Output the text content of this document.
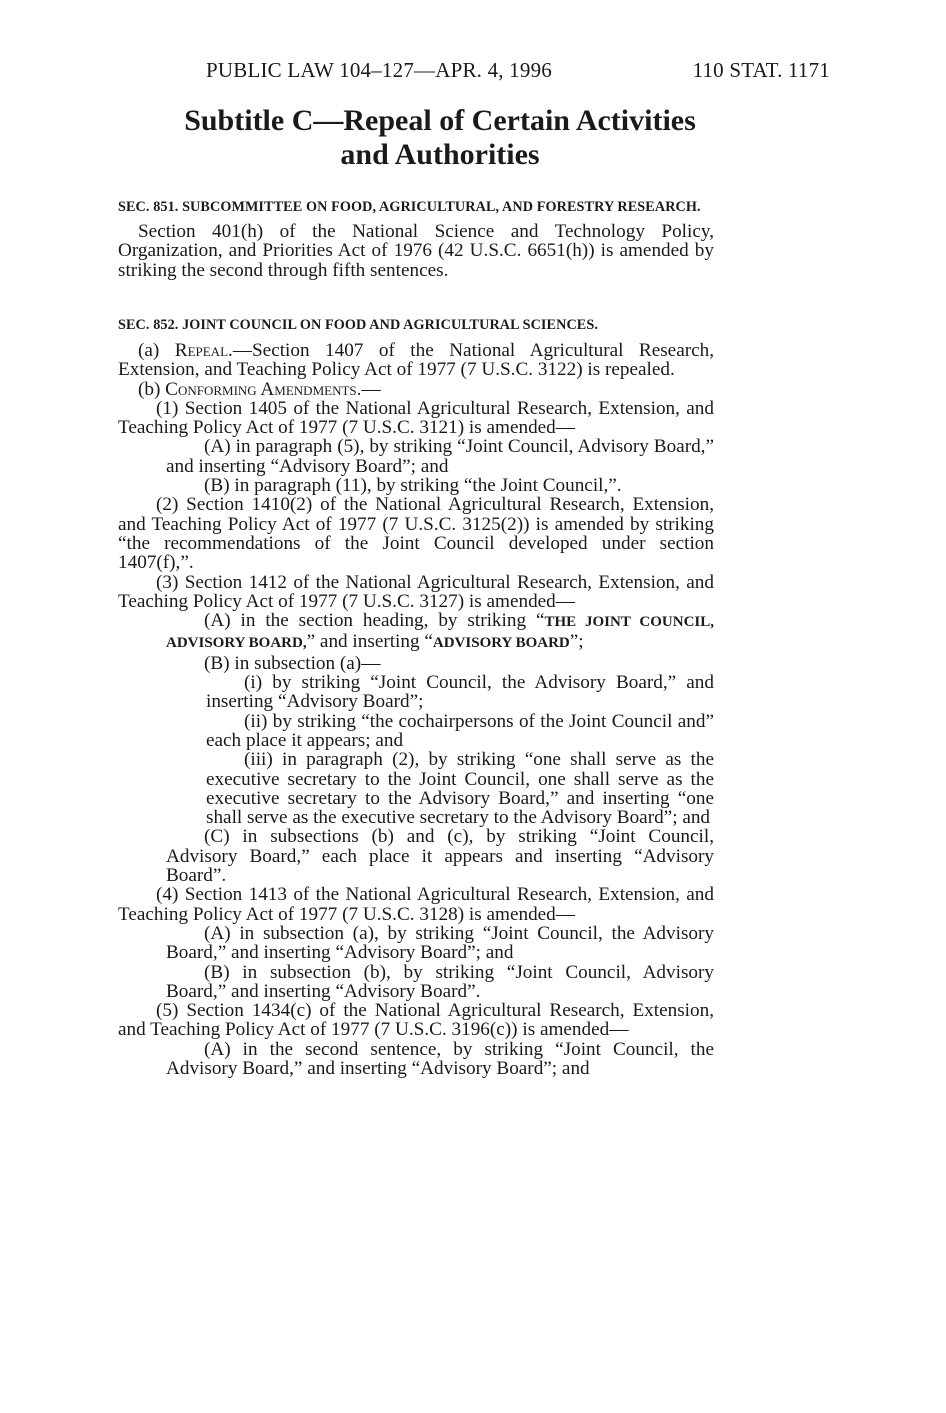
PUBLIC LAW 104–127—APR. 4, 1996	110 STAT. 1171
Subtitle C—Repeal of Certain Activities
and Authorities
SEC. 851. SUBCOMMITTEE ON FOOD, AGRICULTURAL, AND FORESTRY RESEARCH.
Section 401(h) of the National Science and Technology Policy, Organization, and Priorities Act of 1976 (42 U.S.C. 6651(h)) is amended by striking the second through fifth sentences.
SEC. 852. JOINT COUNCIL ON FOOD AND AGRICULTURAL SCIENCES.
(a) Repeal.—Section 1407 of the National Agricultural Research, Extension, and Teaching Policy Act of 1977 (7 U.S.C. 3122) is repealed.
(b) Conforming Amendments.—
(1) Section 1405 of the National Agricultural Research, Extension, and Teaching Policy Act of 1977 (7 U.S.C. 3121) is amended—
(A) in paragraph (5), by striking “Joint Council, Advisory Board,” and inserting “Advisory Board”; and
(B) in paragraph (11), by striking “the Joint Council,”.
(2) Section 1410(2) of the National Agricultural Research, Extension, and Teaching Policy Act of 1977 (7 U.S.C. 3125(2)) is amended by striking “the recommendations of the Joint Council developed under section 1407(f),”.
(3) Section 1412 of the National Agricultural Research, Extension, and Teaching Policy Act of 1977 (7 U.S.C. 3127) is amended—
(A) in the section heading, by striking “THE JOINT COUNCIL, ADVISORY BOARD,” and inserting “ADVISORY BOARD”;
(B) in subsection (a)—
(i) by striking “Joint Council, the Advisory Board,” and inserting “Advisory Board”;
(ii) by striking “the cochairpersons of the Joint Council and” each place it appears; and
(iii) in paragraph (2), by striking “one shall serve as the executive secretary to the Joint Council, one shall serve as the executive secretary to the Advisory Board,” and inserting “one shall serve as the executive secretary to the Advisory Board”; and
(C) in subsections (b) and (c), by striking “Joint Council, Advisory Board,” each place it appears and inserting “Advisory Board”.
(4) Section 1413 of the National Agricultural Research, Extension, and Teaching Policy Act of 1977 (7 U.S.C. 3128) is amended—
(A) in subsection (a), by striking “Joint Council, the Advisory Board,” and inserting “Advisory Board”; and
(B) in subsection (b), by striking “Joint Council, Advisory Board,” and inserting “Advisory Board”.
(5) Section 1434(c) of the National Agricultural Research, Extension, and Teaching Policy Act of 1977 (7 U.S.C. 3196(c)) is amended—
(A) in the second sentence, by striking “Joint Council, the Advisory Board,” and inserting “Advisory Board”; and
